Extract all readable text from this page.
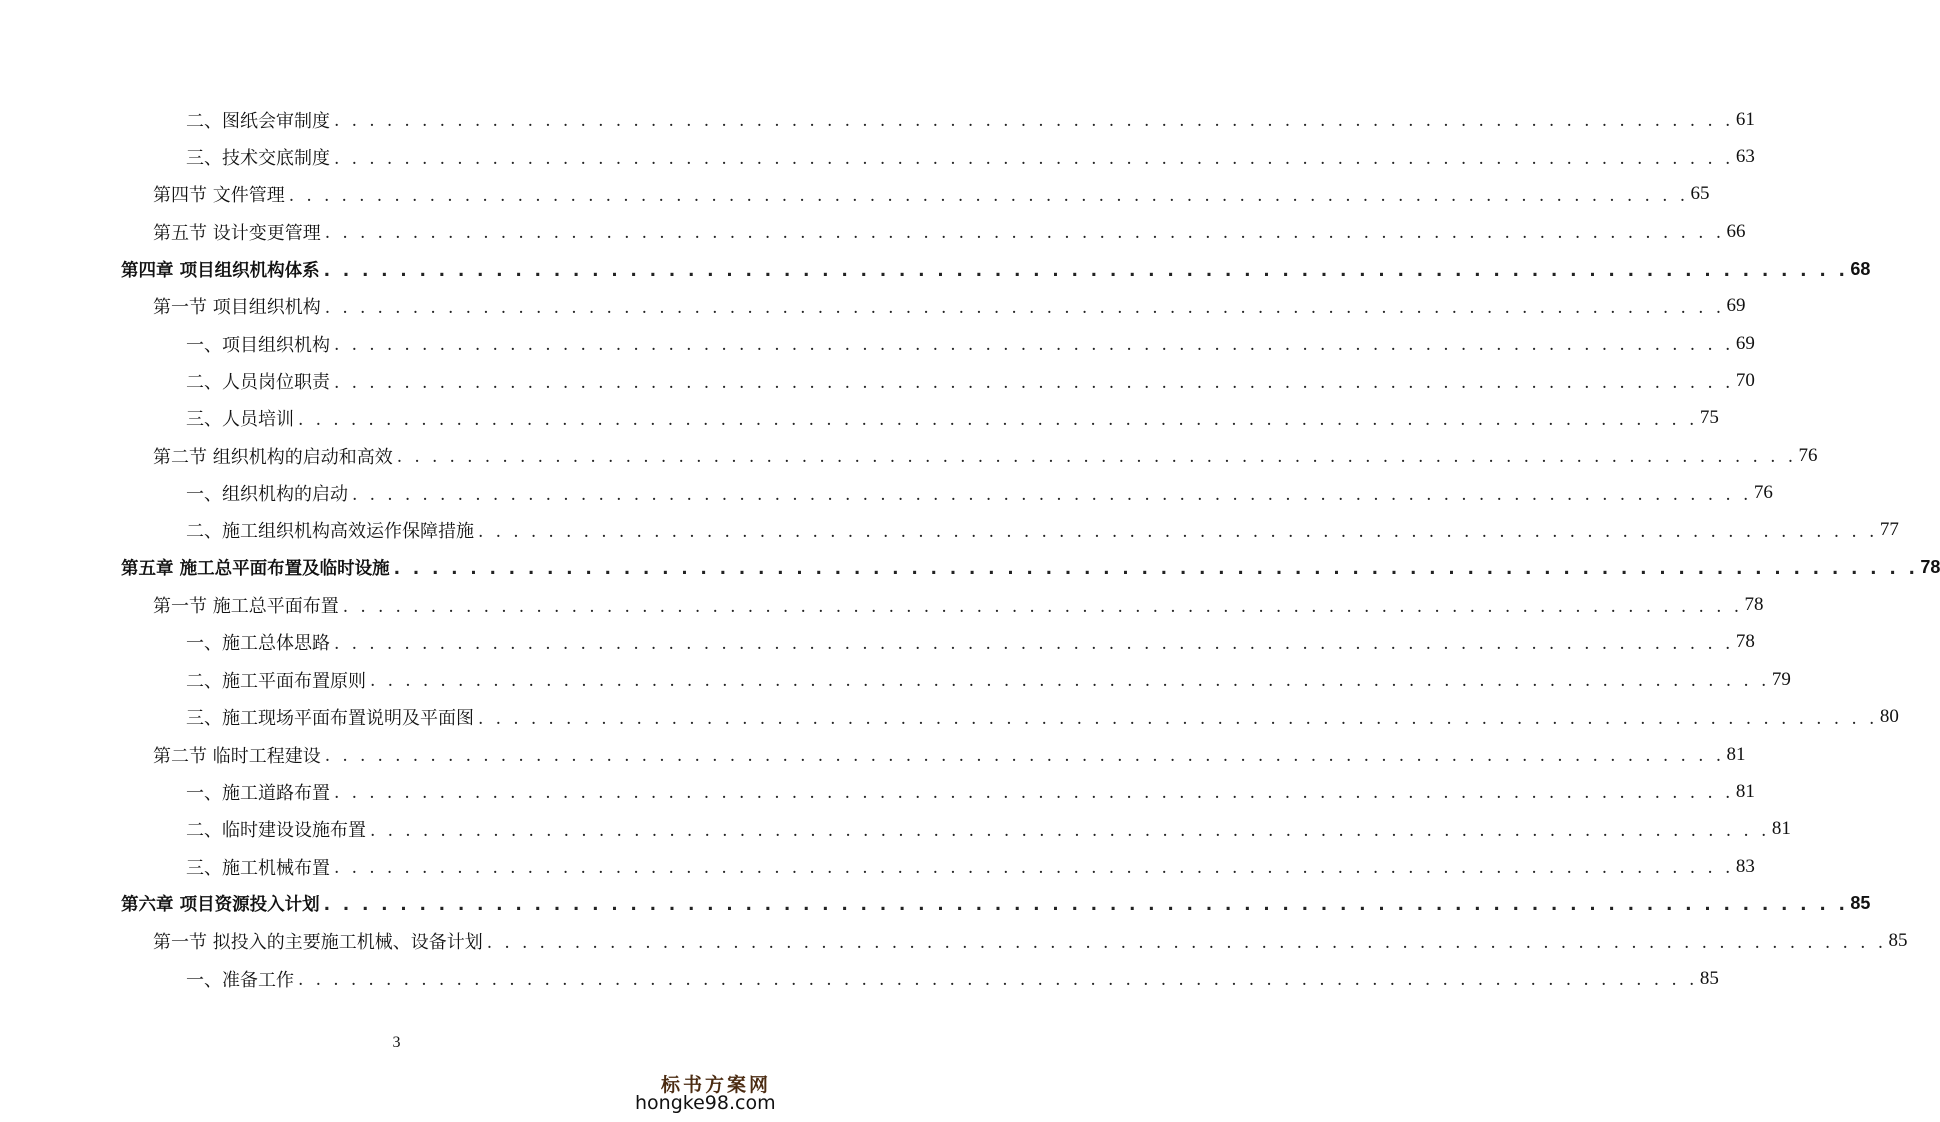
二、图纸会审制度 . . . . . . . . . . . . . . . . . . . . . . . . . . . . . . . . . . . . . . . . . . . . . . . . . . . . . . . . . . . . . . . . . . . . . . . . . . . . . . . . 61
三、技术交底制度 . . . . . . . . . . . . . . . . . . . . . . . . . . . . . . . . . . . . . . . . . . . . . . . . . . . . . . . . . . . . . . . . . . . . . . . . . . . . . . . . 63
第四节 文件管理 . . . . . . . . . . . . . . . . . . . . . . . . . . . . . . . . . . . . . . . . . . . . . . . . . . . . . . . . . . . . . . . . . . . . . . . . . . . . . . . . 65
第五节 设计变更管理 . . . . . . . . . . . . . . . . . . . . . . . . . . . . . . . . . . . . . . . . . . . . . . . . . . . . . . . . . . . . . . . . . . . . . . . . . . . . . . . . 66
第四章 项目组织机构体系 . . . . . . . . . . . . . . . . . . . . . . . . . . . . . . . . . . . . . . . . . . . . . . . . . . . . . . . . . . . . . . . . . . . . . . . . . . . . . . . . 68
第一节 项目组织机构 . . . . . . . . . . . . . . . . . . . . . . . . . . . . . . . . . . . . . . . . . . . . . . . . . . . . . . . . . . . . . . . . . . . . . . . . . . . . . . . . 69
一、项目组织机构 . . . . . . . . . . . . . . . . . . . . . . . . . . . . . . . . . . . . . . . . . . . . . . . . . . . . . . . . . . . . . . . . . . . . . . . . . . . . . . . . 69
二、人员岗位职责 . . . . . . . . . . . . . . . . . . . . . . . . . . . . . . . . . . . . . . . . . . . . . . . . . . . . . . . . . . . . . . . . . . . . . . . . . . . . . . . . 70
三、人员培训 . . . . . . . . . . . . . . . . . . . . . . . . . . . . . . . . . . . . . . . . . . . . . . . . . . . . . . . . . . . . . . . . . . . . . . . . . . . . . . . . 75
第二节 组织机构的启动和高效 . . . . . . . . . . . . . . . . . . . . . . . . . . . . . . . . . . . . . . . . . . . . . . . . . . . . . . . . . . . . . . . . . . . . . . . . . . . . . . . . 76
一、组织机构的启动 . . . . . . . . . . . . . . . . . . . . . . . . . . . . . . . . . . . . . . . . . . . . . . . . . . . . . . . . . . . . . . . . . . . . . . . . . . . . . . . . 76
二、施工组织机构高效运作保障措施 . . . . . . . . . . . . . . . . . . . . . . . . . . . . . . . . . . . . . . . . . . . . . . . . . . . . . . . . . . . . . . . . . . . . . . . . . . . . . . . . 77
第五章 施工总平面布置及临时设施 . . . . . . . . . . . . . . . . . . . . . . . . . . . . . . . . . . . . . . . . . . . . . . . . . . . . . . . . . . . . . . . . . . . . . . . . . . . . . . . . 78
第一节 施工总平面布置 . . . . . . . . . . . . . . . . . . . . . . . . . . . . . . . . . . . . . . . . . . . . . . . . . . . . . . . . . . . . . . . . . . . . . . . . . . . . . . . . 78
一、施工总体思路 . . . . . . . . . . . . . . . . . . . . . . . . . . . . . . . . . . . . . . . . . . . . . . . . . . . . . . . . . . . . . . . . . . . . . . . . . . . . . . . . 78
二、施工平面布置原则 . . . . . . . . . . . . . . . . . . . . . . . . . . . . . . . . . . . . . . . . . . . . . . . . . . . . . . . . . . . . . . . . . . . . . . . . . . . . . . . . 79
三、施工现场平面布置说明及平面图 . . . . . . . . . . . . . . . . . . . . . . . . . . . . . . . . . . . . . . . . . . . . . . . . . . . . . . . . . . . . . . . . . . . . . . . . . . . . . . . . 80
第二节 临时工程建设 . . . . . . . . . . . . . . . . . . . . . . . . . . . . . . . . . . . . . . . . . . . . . . . . . . . . . . . . . . . . . . . . . . . . . . . . . . . . . . . . 81
一、施工道路布置 . . . . . . . . . . . . . . . . . . . . . . . . . . . . . . . . . . . . . . . . . . . . . . . . . . . . . . . . . . . . . . . . . . . . . . . . . . . . . . . . 81
二、临时建设设施布置 . . . . . . . . . . . . . . . . . . . . . . . . . . . . . . . . . . . . . . . . . . . . . . . . . . . . . . . . . . . . . . . . . . . . . . . . . . . . . . . . 81
三、施工机械布置 . . . . . . . . . . . . . . . . . . . . . . . . . . . . . . . . . . . . . . . . . . . . . . . . . . . . . . . . . . . . . . . . . . . . . . . . . . . . . . . . 83
第六章 项目资源投入计划 . . . . . . . . . . . . . . . . . . . . . . . . . . . . . . . . . . . . . . . . . . . . . . . . . . . . . . . . . . . . . . . . . . . . . . . . . . . . . . . . 85
第一节 拟投入的主要施工机械、设备计划 . . . . . . . . . . . . . . . . . . . . . . . . . . . . . . . . . . . . . . . . . . . . . . . . . . . . . . . . . . . . . . . . . . . . . . . . . . . . . . . . 85
一、准备工作 . . . . . . . . . . . . . . . . . . . . . . . . . . . . . . . . . . . . . . . . . . . . . . . . . . . . . . . . . . . . . . . . . . . . . . . . . . . . . . . . 85
3
标书方案网
hongke98.com
